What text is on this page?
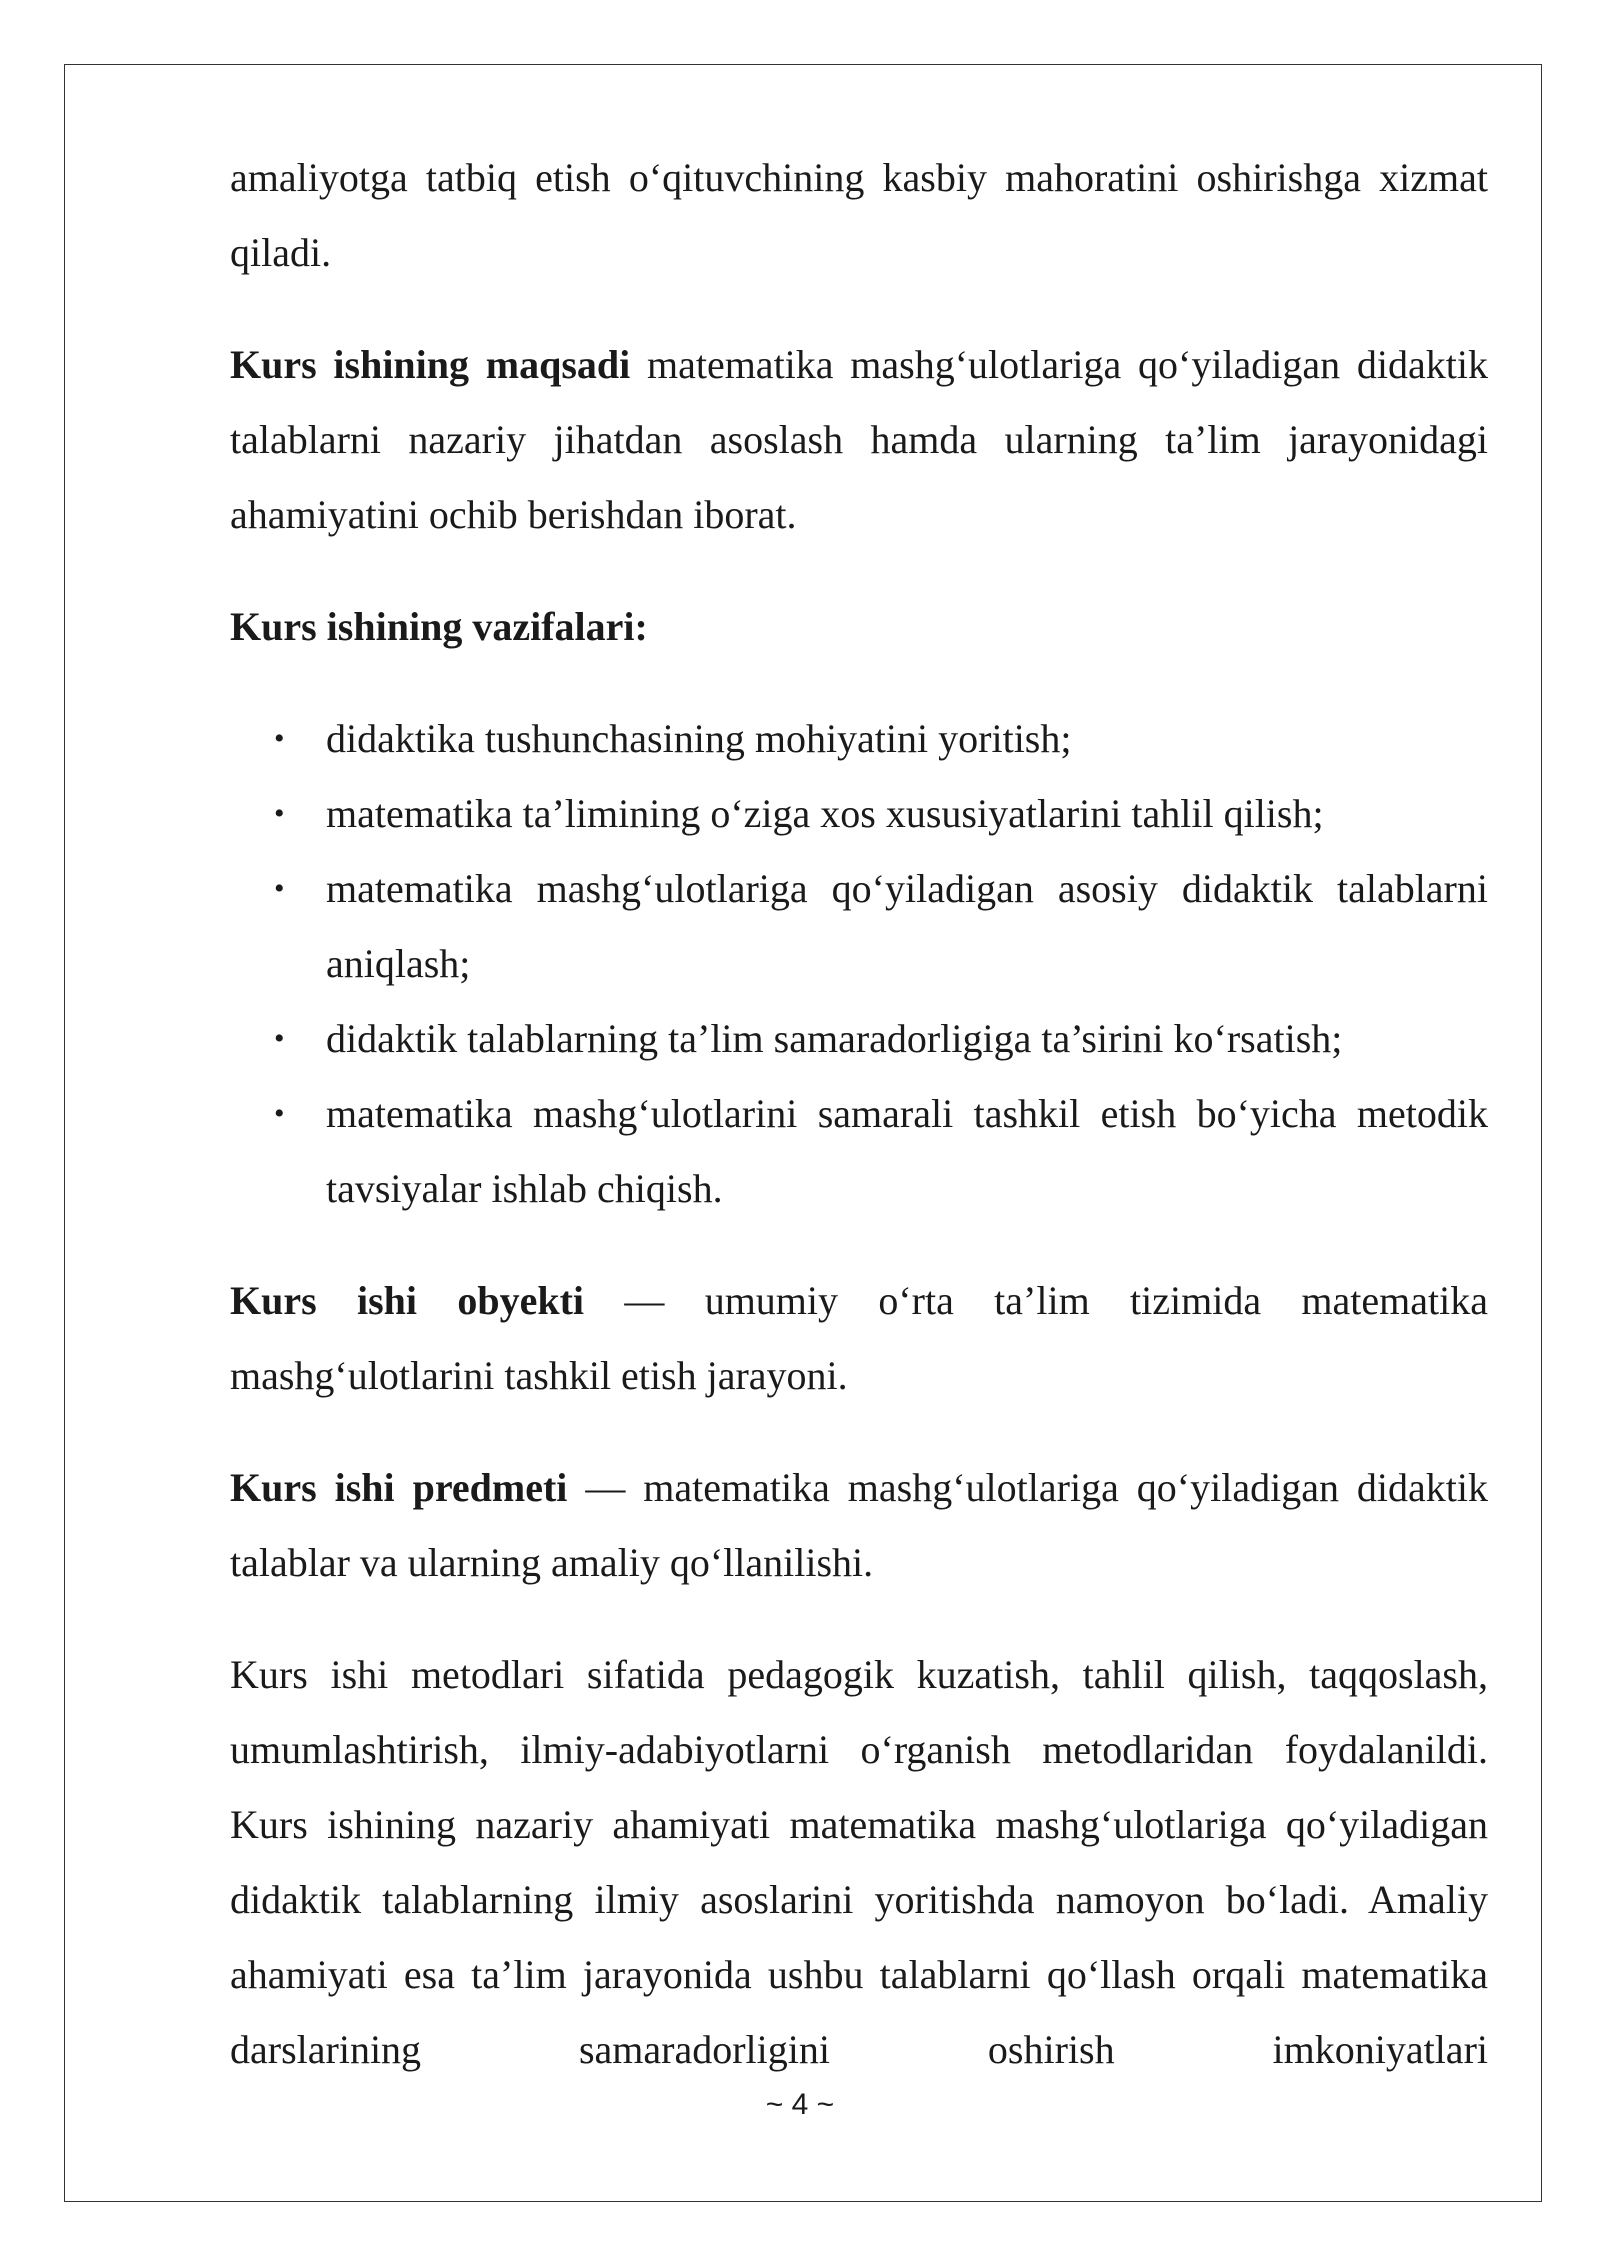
amaliyotga tatbiq etish o‘qituvchining kasbiy mahoratini oshirishga xizmat qiladi.

Kurs ishining maqsadi matematika mashg‘ulotlariga qo‘yiladigan didaktik talablarni nazariy jihatdan asoslash hamda ularning ta’lim jarayonidagi ahamiyatini ochib berishdan iborat.

Kurs ishining vazifalari:

• didaktika tushunchasining mohiyatini yoritish;
• matematika ta’limining o‘ziga xos xususiyatlarini tahlil qilish;
• matematika mashg‘ulotlariga qo‘yiladigan asosiy didaktik talablarni aniqlash;
• didaktik talablarning ta’lim samaradorligiga ta’sirini ko‘rsatish;
• matematika mashg‘ulotlarini samarali tashkil etish bo‘yicha metodik tavsiyalar ishlab chiqish.

Kurs ishi obyekti — umumiy o‘rta ta’lim tizimida matematika mashg‘ulotlarini tashkil etish jarayoni.

Kurs ishi predmeti — matematika mashg‘ulotlariga qo‘yiladigan didaktik talablar va ularning amaliy qo‘llanilishi.

Kurs ishi metodlari sifatida pedagogik kuzatish, tahlil qilish, taqqoslash, umumlashtirish, ilmiy-adabiyotlarni o‘rganish metodlaridan foydalanildi. Kurs ishining nazariy ahamiyati matematika mashg‘ulotlariga qo‘yiladigan didaktik talablarning ilmiy asoslarini yoritishda namoyon bo‘ladi. Amaliy ahamiyati esa ta’lim jarayonida ushbu talablarni qo‘llash orqali matematika darslarining samaradorligini oshirish imkoniyatlari

~ 4 ~
